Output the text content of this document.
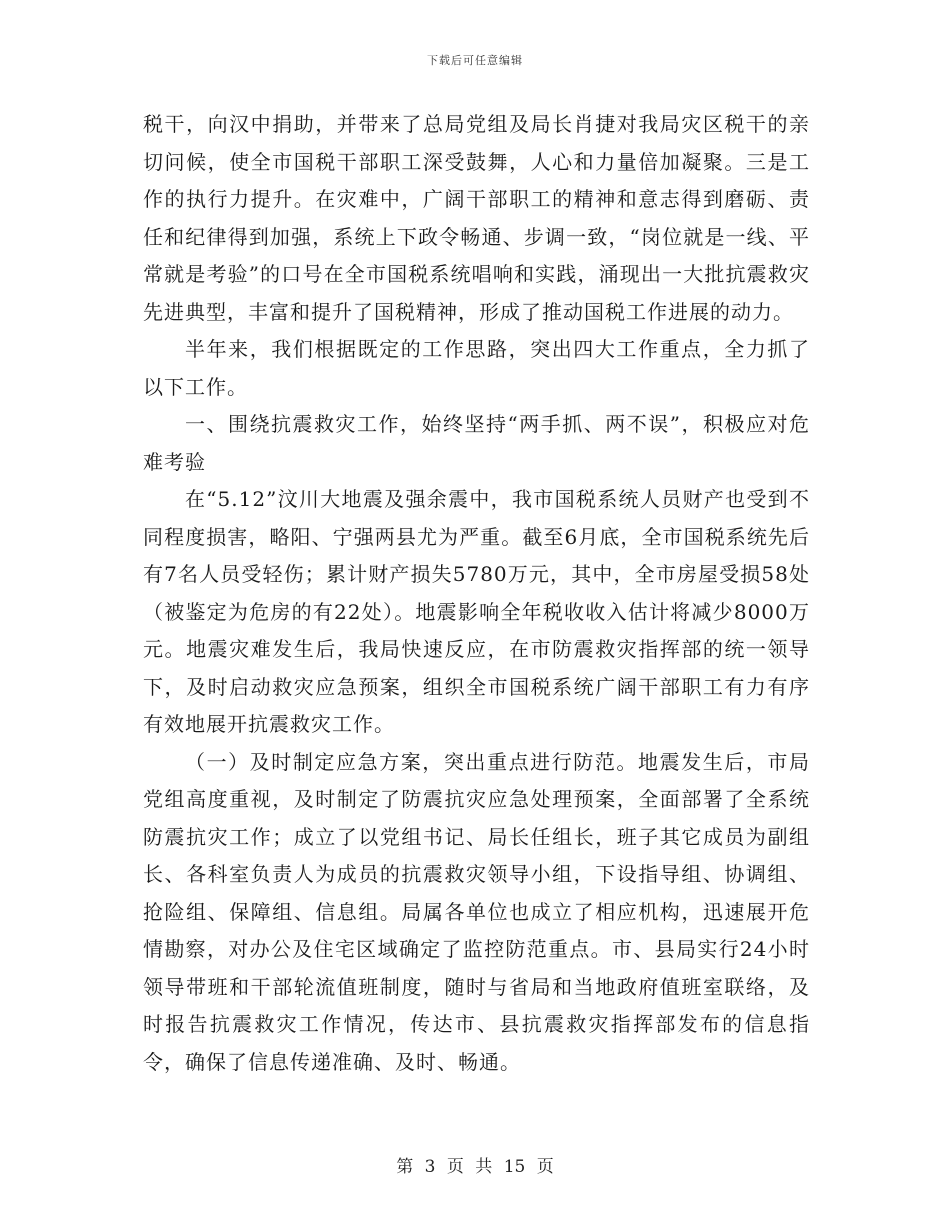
下载后可任意编辑

税干，向汉中捐助，并带来了总局党组及局长肖捷对我局灾区税干的亲切问候，使全市国税干部职工深受鼓舞，人心和力量倍加凝聚。三是工作的执行力提升。在灾难中，广阔干部职工的精神和意志得到磨砺、责任和纪律得到加强，系统上下政令畅通、步调一致，“岗位就是一线、平常就是考验”的口号在全市国税系统唱响和实践，涌现出一大批抗震救灾先进典型，丰富和提升了国税精神，形成了推动国税工作进展的动力。

半年来，我们根据既定的工作思路，突出四大工作重点，全力抓了以下工作。

一、围绕抗震救灾工作，始终坚持“两手抓、两不误”，积极应对危难考验

在“5.12”汶川大地震及强余震中，我市国税系统人员财产也受到不同程度损害，略阳、宁强两县尤为严重。截至6月底，全市国税系统先后有7名人员受轻伤；累计财产损失5780万元，其中，全市房屋受损58处（被鉴定为危房的有22处）。地震影响全年税收收入估计将减少8000万元。地震灾难发生后，我局快速反应，在市防震救灾指挥部的统一领导下，及时启动救灾应急预案，组织全市国税系统广阔干部职工有力有序有效地展开抗震救灾工作。

（一）及时制定应急方案，突出重点进行防范。地震发生后，市局党组高度重视，及时制定了防震抗灾应急处理预案，全面部署了全系统防震抗灾工作；成立了以党组书记、局长任组长，班子其它成员为副组长、各科室负责人为成员的抗震救灾领导小组，下设指导组、协调组、抢险组、保障组、信息组。局属各单位也成立了相应机构，迅速展开危情勘察，对办公及住宅区域确定了监控防范重点。市、县局实行24小时领导带班和干部轮流值班制度，随时与省局和当地政府值班室联络，及时报告抗震救灾工作情况，传达市、县抗震救灾指挥部发布的信息指令，确保了信息传递准确、及时、畅通。

第 3 页 共 15 页
